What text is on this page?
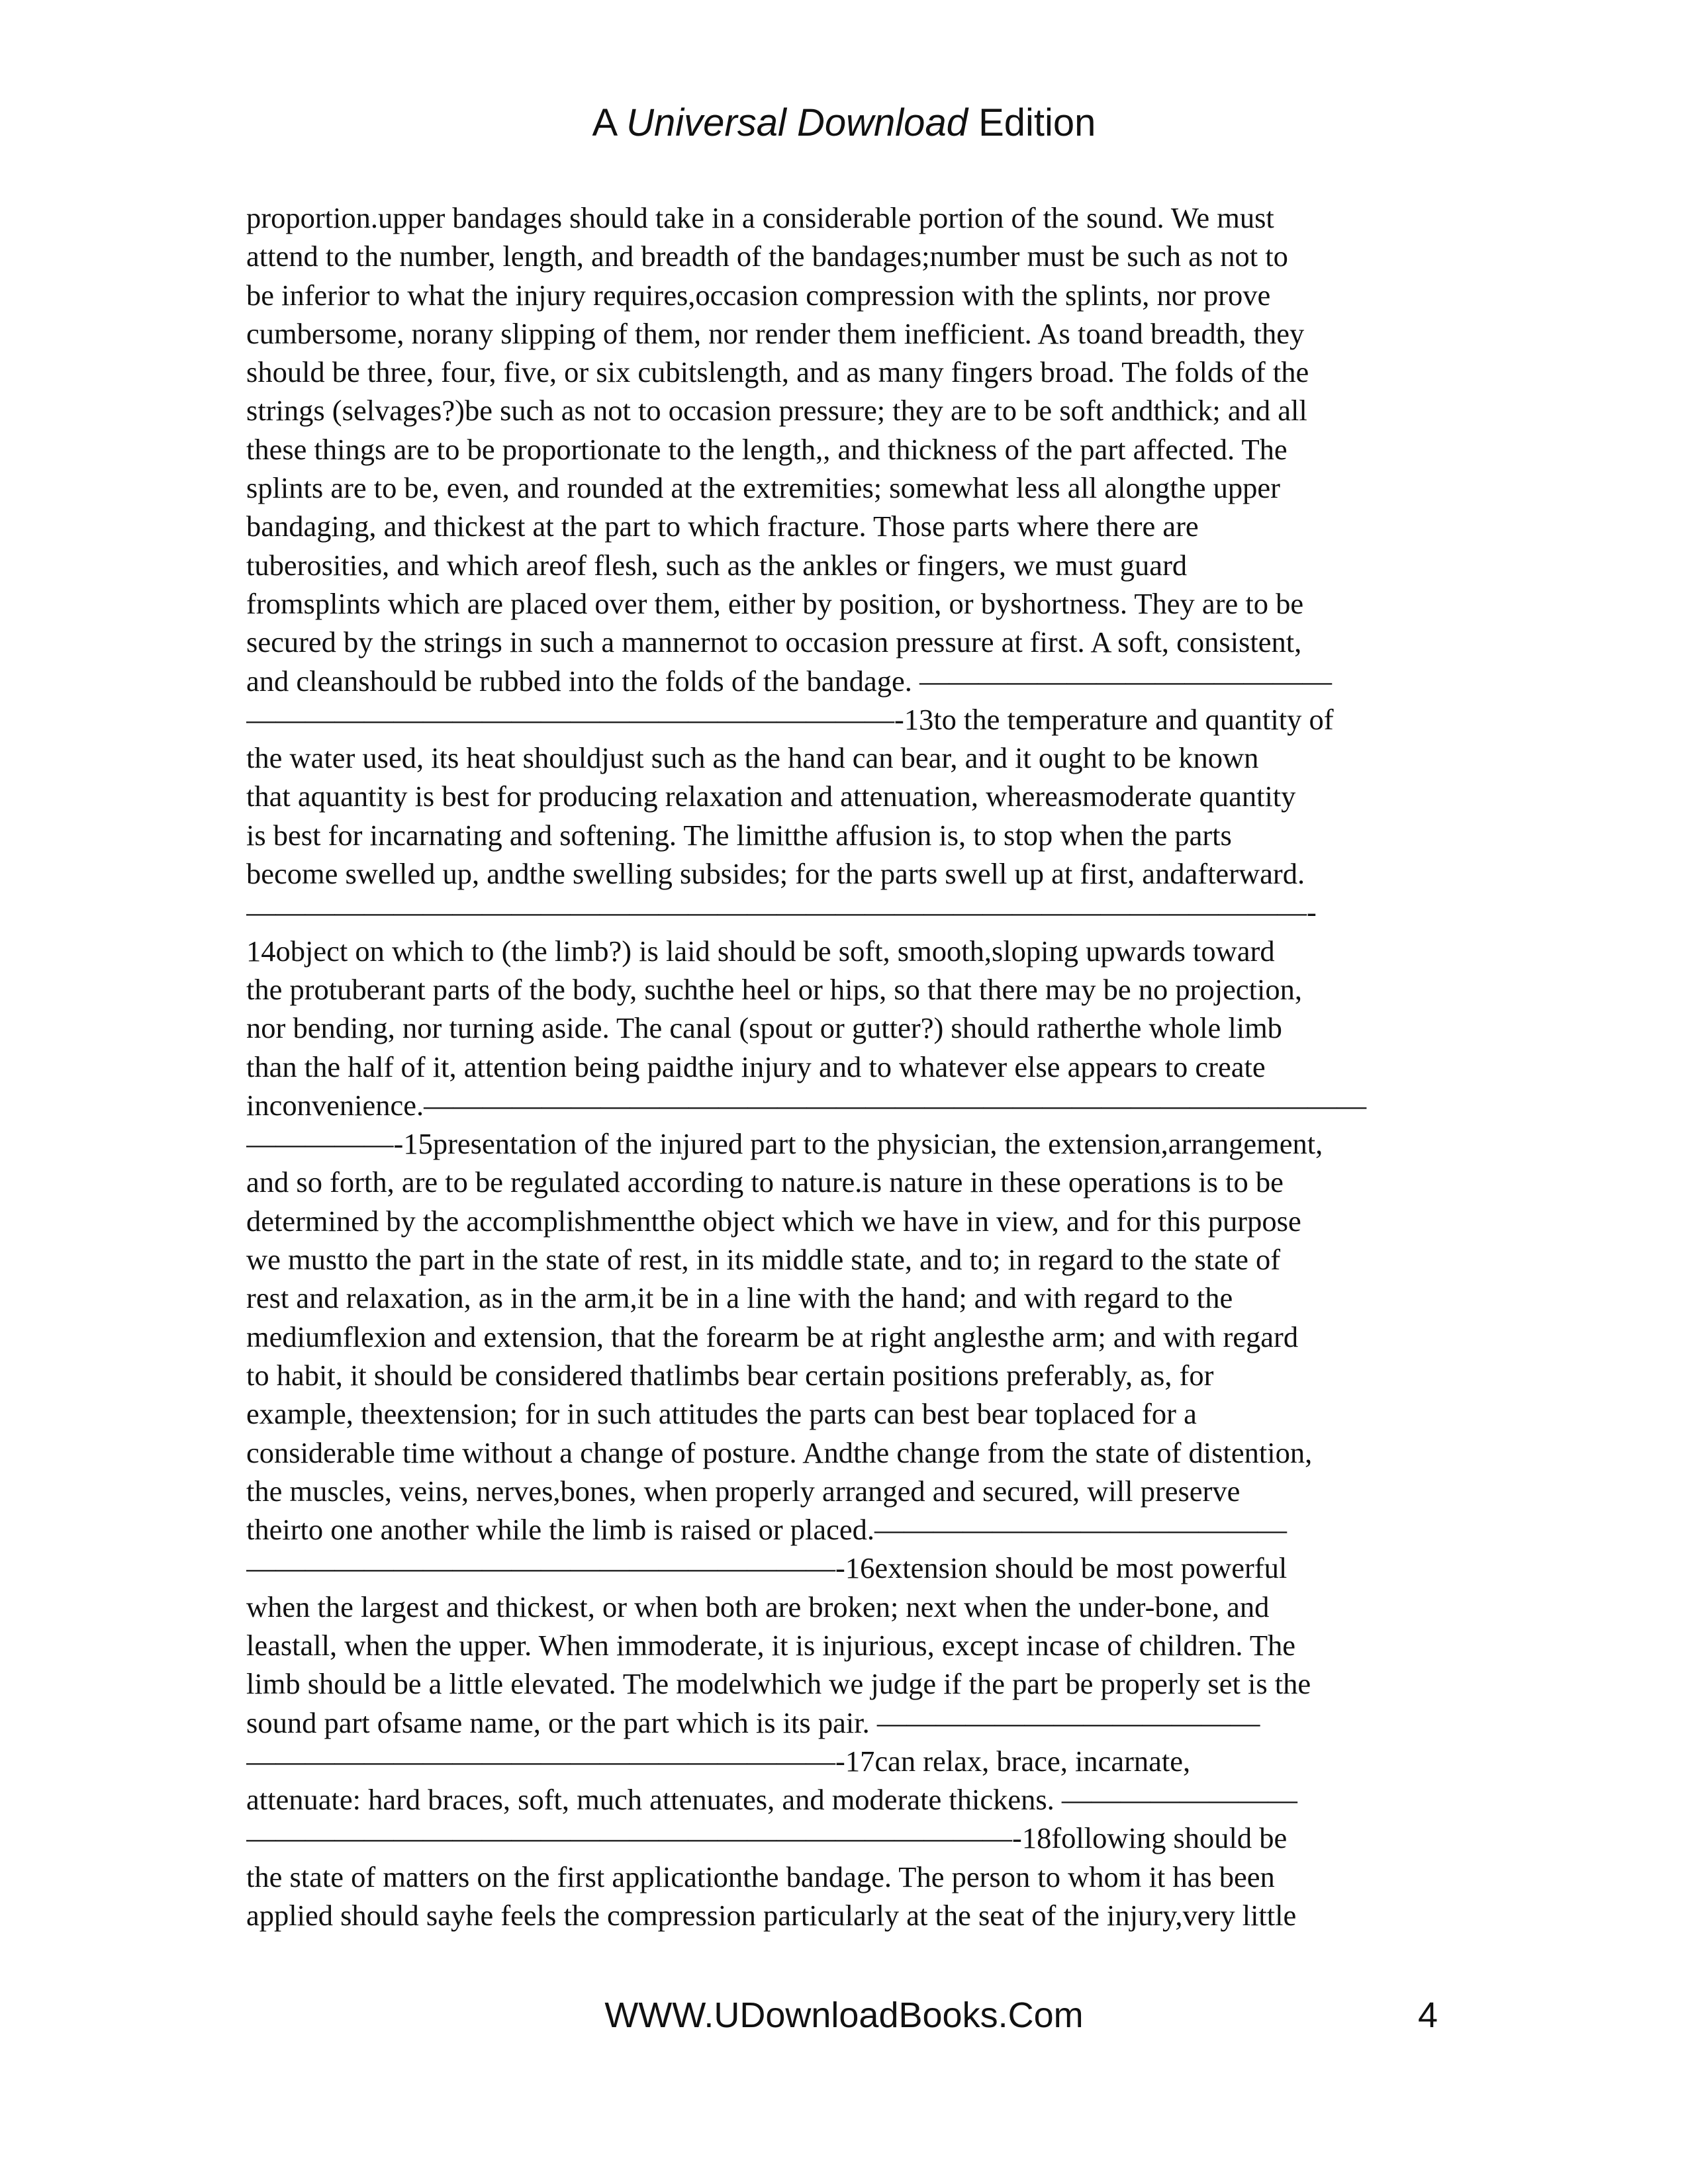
A Universal Download Edition
proportion.upper bandages should take in a considerable portion of the sound. We must
attend to the number, length, and breadth of the bandages;number must be such as not to
be inferior to what the injury requires,occasion compression with the splints, nor prove
cumbersome, norany slipping of them, nor render them inefficient. As toand breadth, they
should be three, four, five, or six cubitslength, and as many fingers broad. The folds of the
strings (selvages?)be such as not to occasion pressure; they are to be soft andthick; and all
these things are to be proportionate to the length,, and thickness of the part affected. The
splints are to be, even, and rounded at the extremities; somewhat less all alongthe upper
bandaging, and thickest at the part to which fracture. Those parts where there are
tuberosities, and which areof flesh, such as the ankles or fingers, we must guard
fromsplints which are placed over them, either by position, or byshortness. They are to be
secured by the strings in such a mannernot to occasion pressure at first. A soft, consistent,
and cleanshould be rubbed into the folds of the bandage. ——————————————
——————————————————————-13to the temperature and quantity of
the water used, its heat shouldjust such as the hand can bear, and it ought to be known
that aquantity is best for producing relaxation and attenuation, whereasmoderate quantity
is best for incarnating and softening. The limitthe affusion is, to stop when the parts
become swelled up, andthe swelling subsides; for the parts swell up at first, andafterward.
————————————————————————————————————-
14object on which to (the limb?) is laid should be soft, smooth,sloping upwards toward
the protuberant parts of the body, suchthe heel or hips, so that there may be no projection,
nor bending, nor turning aside. The canal (spout or gutter?) should ratherthe whole limb
than the half of it, attention being paidthe injury and to whatever else appears to create
inconvenience.————————————————————————————————
—————-15presentation of the injured part to the physician, the extension,arrangement,
and so forth, are to be regulated according to nature.is nature in these operations is to be
determined by the accomplishmentthe object which we have in view, and for this purpose
we mustto the part in the state of rest, in its middle state, and to; in regard to the state of
rest and relaxation, as in the arm,it be in a line with the hand; and with regard to the
mediumflexion and extension, that the forearm be at right anglesthe arm; and with regard
to habit, it should be considered thatlimbs bear certain positions preferably, as, for
example, theextension; for in such attitudes the parts can best bear toplaced for a
considerable time without a change of posture. Andthe change from the state of distention,
the muscles, veins, nerves,bones, when properly arranged and secured, will preserve
theirto one another while the limb is raised or placed.——————————————
————————————————————-16extension should be most powerful
when the largest and thickest, or when both are broken; next when the under-bone, and
leastall, when the upper. When immoderate, it is injurious, except incase of children. The
limb should be a little elevated. The modelwhich we judge if the part be properly set is the
sound part ofsame name, or the part which is its pair. —————————————
————————————————————-17can relax, brace, incarnate,
attenuate: hard braces, soft, much attenuates, and moderate thickens. ————————
——————————————————————————-18following should be
the state of matters on the first applicationthe bandage. The person to whom it has been
applied should sayhe feels the compression particularly at the seat of the injury,very little
WWW.UDownloadBooks.Com	4
